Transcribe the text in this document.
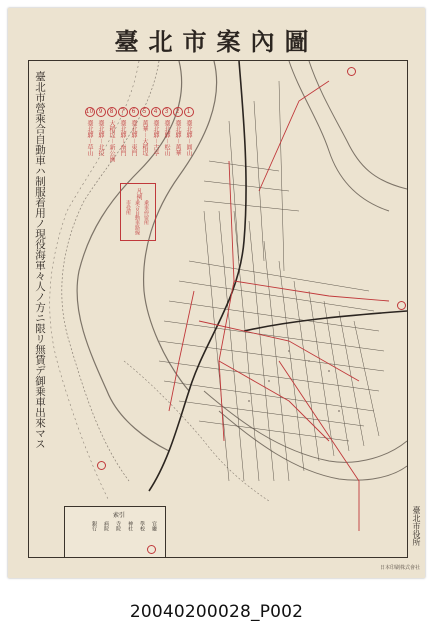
臺北市案內圖
臺北市營乘合自動車ハ制服着用ノ現役海軍々人ノ方ニ限リ無賃デ御乗車出來マス	1
臺北驛－圓山
2
臺北驛－萬華
3
臺北驛－松山
4
臺北驛－古亭
5
萬華－大稻埕
6
臺北驛－東門
7
臺北驛－南門
8
大稻埕－新公園
9
臺北驛－北投
10
臺北驛－草山
凡例
乗車停留所
乗合自動車路線
市役所
索引
官廳
學校
神社
寺院
病院
銀行	臺北市役所
日本印刷株式會社
20040200028_P002
